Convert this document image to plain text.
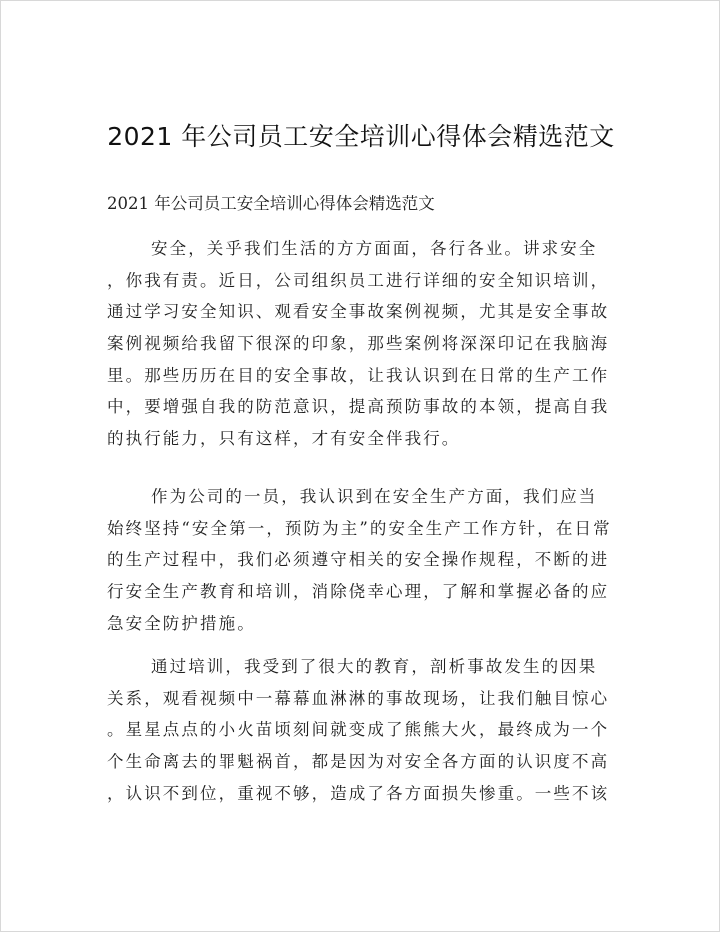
2021 年公司员工安全培训心得体会精选范文
2021 年公司员工安全培训心得体会精选范文
安全，关乎我们生活的方方面面，各行各业。讲求安全
，你我有责。近日，公司组织员工进行详细的安全知识培训，
通过学习安全知识、观看安全事故案例视频，尤其是安全事故
案例视频给我留下很深的印象，那些案例将深深印记在我脑海
里。那些历历在目的安全事故，让我认识到在日常的生产工作
中，要增强自我的防范意识，提高预防事故的本领，提高自我
的执行能力，只有这样，才有安全伴我行。
作为公司的一员，我认识到在安全生产方面，我们应当
始终坚持“安全第一，预防为主”的安全生产工作方针，在日常
的生产过程中，我们必须遵守相关的安全操作规程，不断的进
行安全生产教育和培训，消除侥幸心理，了解和掌握必备的应
急安全防护措施。
通过培训，我受到了很大的教育，剖析事故发生的因果
关系，观看视频中一幕幕血淋淋的事故现场，让我们触目惊心
。星星点点的小火苗顷刻间就变成了熊熊大火，最终成为一个
个生命离去的罪魁祸首，都是因为对安全各方面的认识度不高
，认识不到位，重视不够，造成了各方面损失惨重。一些不该
